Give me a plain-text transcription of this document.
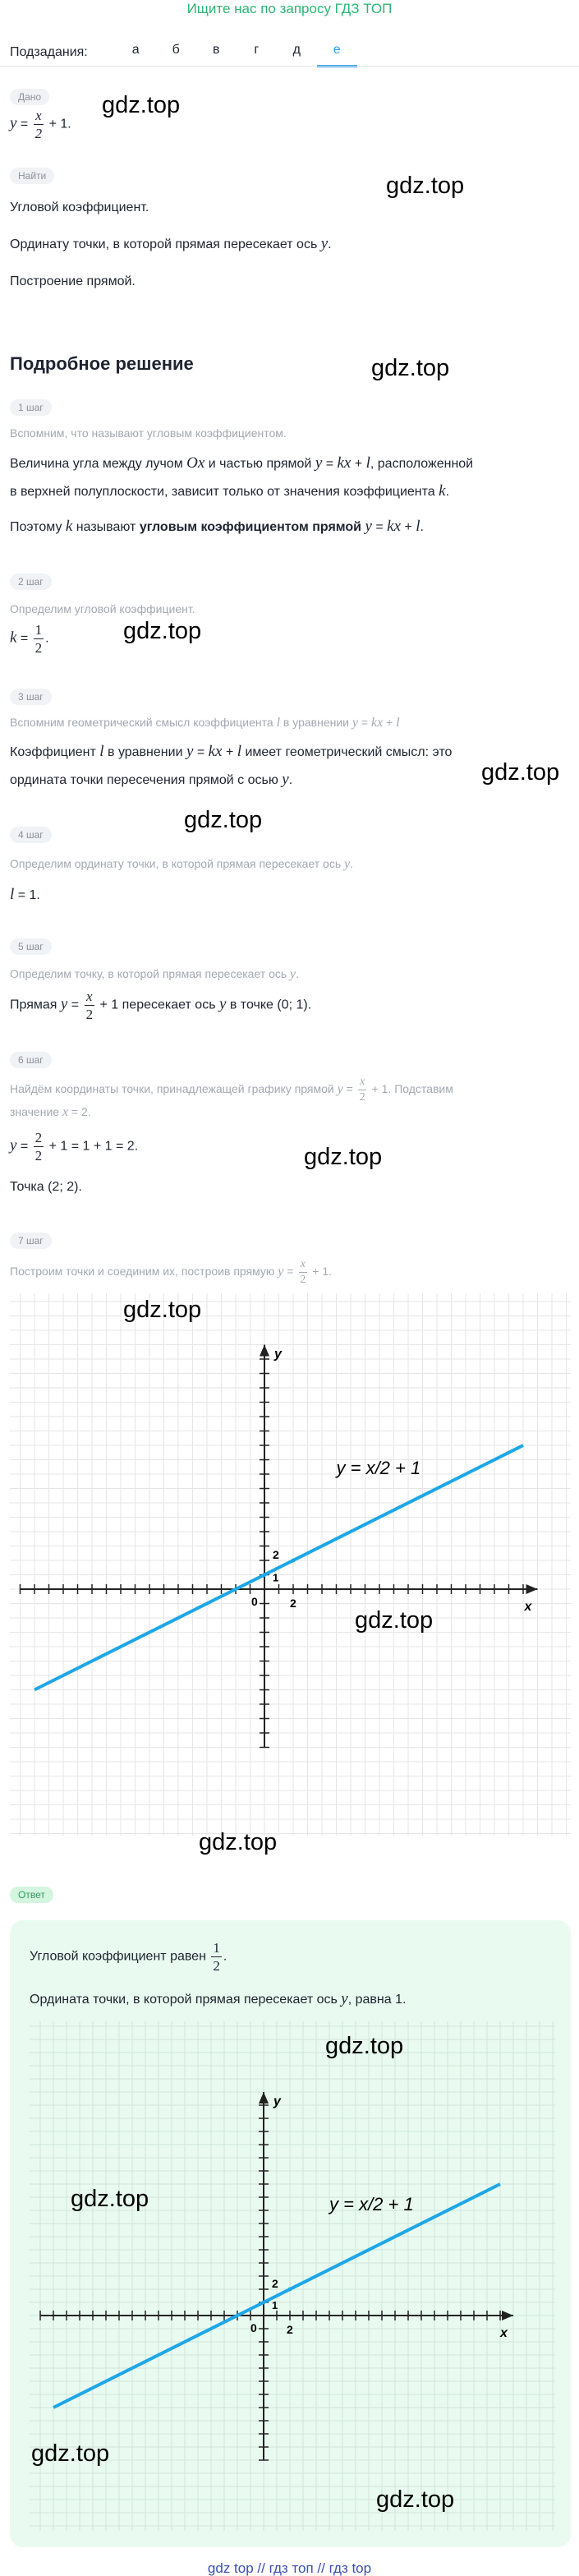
Ищите нас по запросу ГДЗ ТОП
Подзадания:	а	б	в	г	д	е
Дано
$y = \frac{x}{2} + 1$.
Найти
Угловой коэффициент.
Ординату точки, в которой прямая пересекает ось y.
Построение прямой.
Подробное решение
1 шаг
Вспомним, что называют угловым коэффициентом.
Величина угла между лучом Ox и частью прямой y = kx + l, расположенной
в верхней полуплоскости, зависит только от значения коэффициента k.
Поэтому k называют угловым коэффициентом прямой y = kx + l.
2 шаг
Определим угловой коэффициент.
$k = \frac{1}{2}$ .
3 шаг
Вспомним геометрический смысл коэффициента l в уравнении y = kx + l
Коэффициент l в уравнении y = kx + l имеет геометрический смысл: это
ордината точки пересечения прямой с осью y.
4 шаг
Определим ординату точки, в которой прямая пересекает ось y.
l = 1.
5 шаг
Определим точку, в которой прямая пересекает ось y.
Прямая $y = \frac{x}{2} + 1$ пересекает ось y в точке (0; 1).
6 шаг
Найдём координаты точки, принадлежащей графику прямой $y = \frac{x}{2} + 1$. Подставим
значение x = 2.
$y = \frac{2}{2} + 1 = 1 + 1 = 2$.
Точка (2; 2).
7 шаг
Построим точки и соединим их, построив прямую $y = \frac{x}{2} + 1$.
x
y
0	2
1
2
y = x/2 + 1
Ответ
Угловой коэффициент равен $\frac{1}{2}$ .
Ордината точки, в которой прямая пересекает ось y, равна 1.
x
y
0	2
1
2
y = x/2 + 1
gdz.top
gdz.top
gdz.top
gdz.top
gdz.top
gdz.top
gdz.top
gdz.top
gdz.top
gdz.top
gdz.top
gdz.top
gdz.top
gdz.top
gdz top // гдз топ // гдз top
